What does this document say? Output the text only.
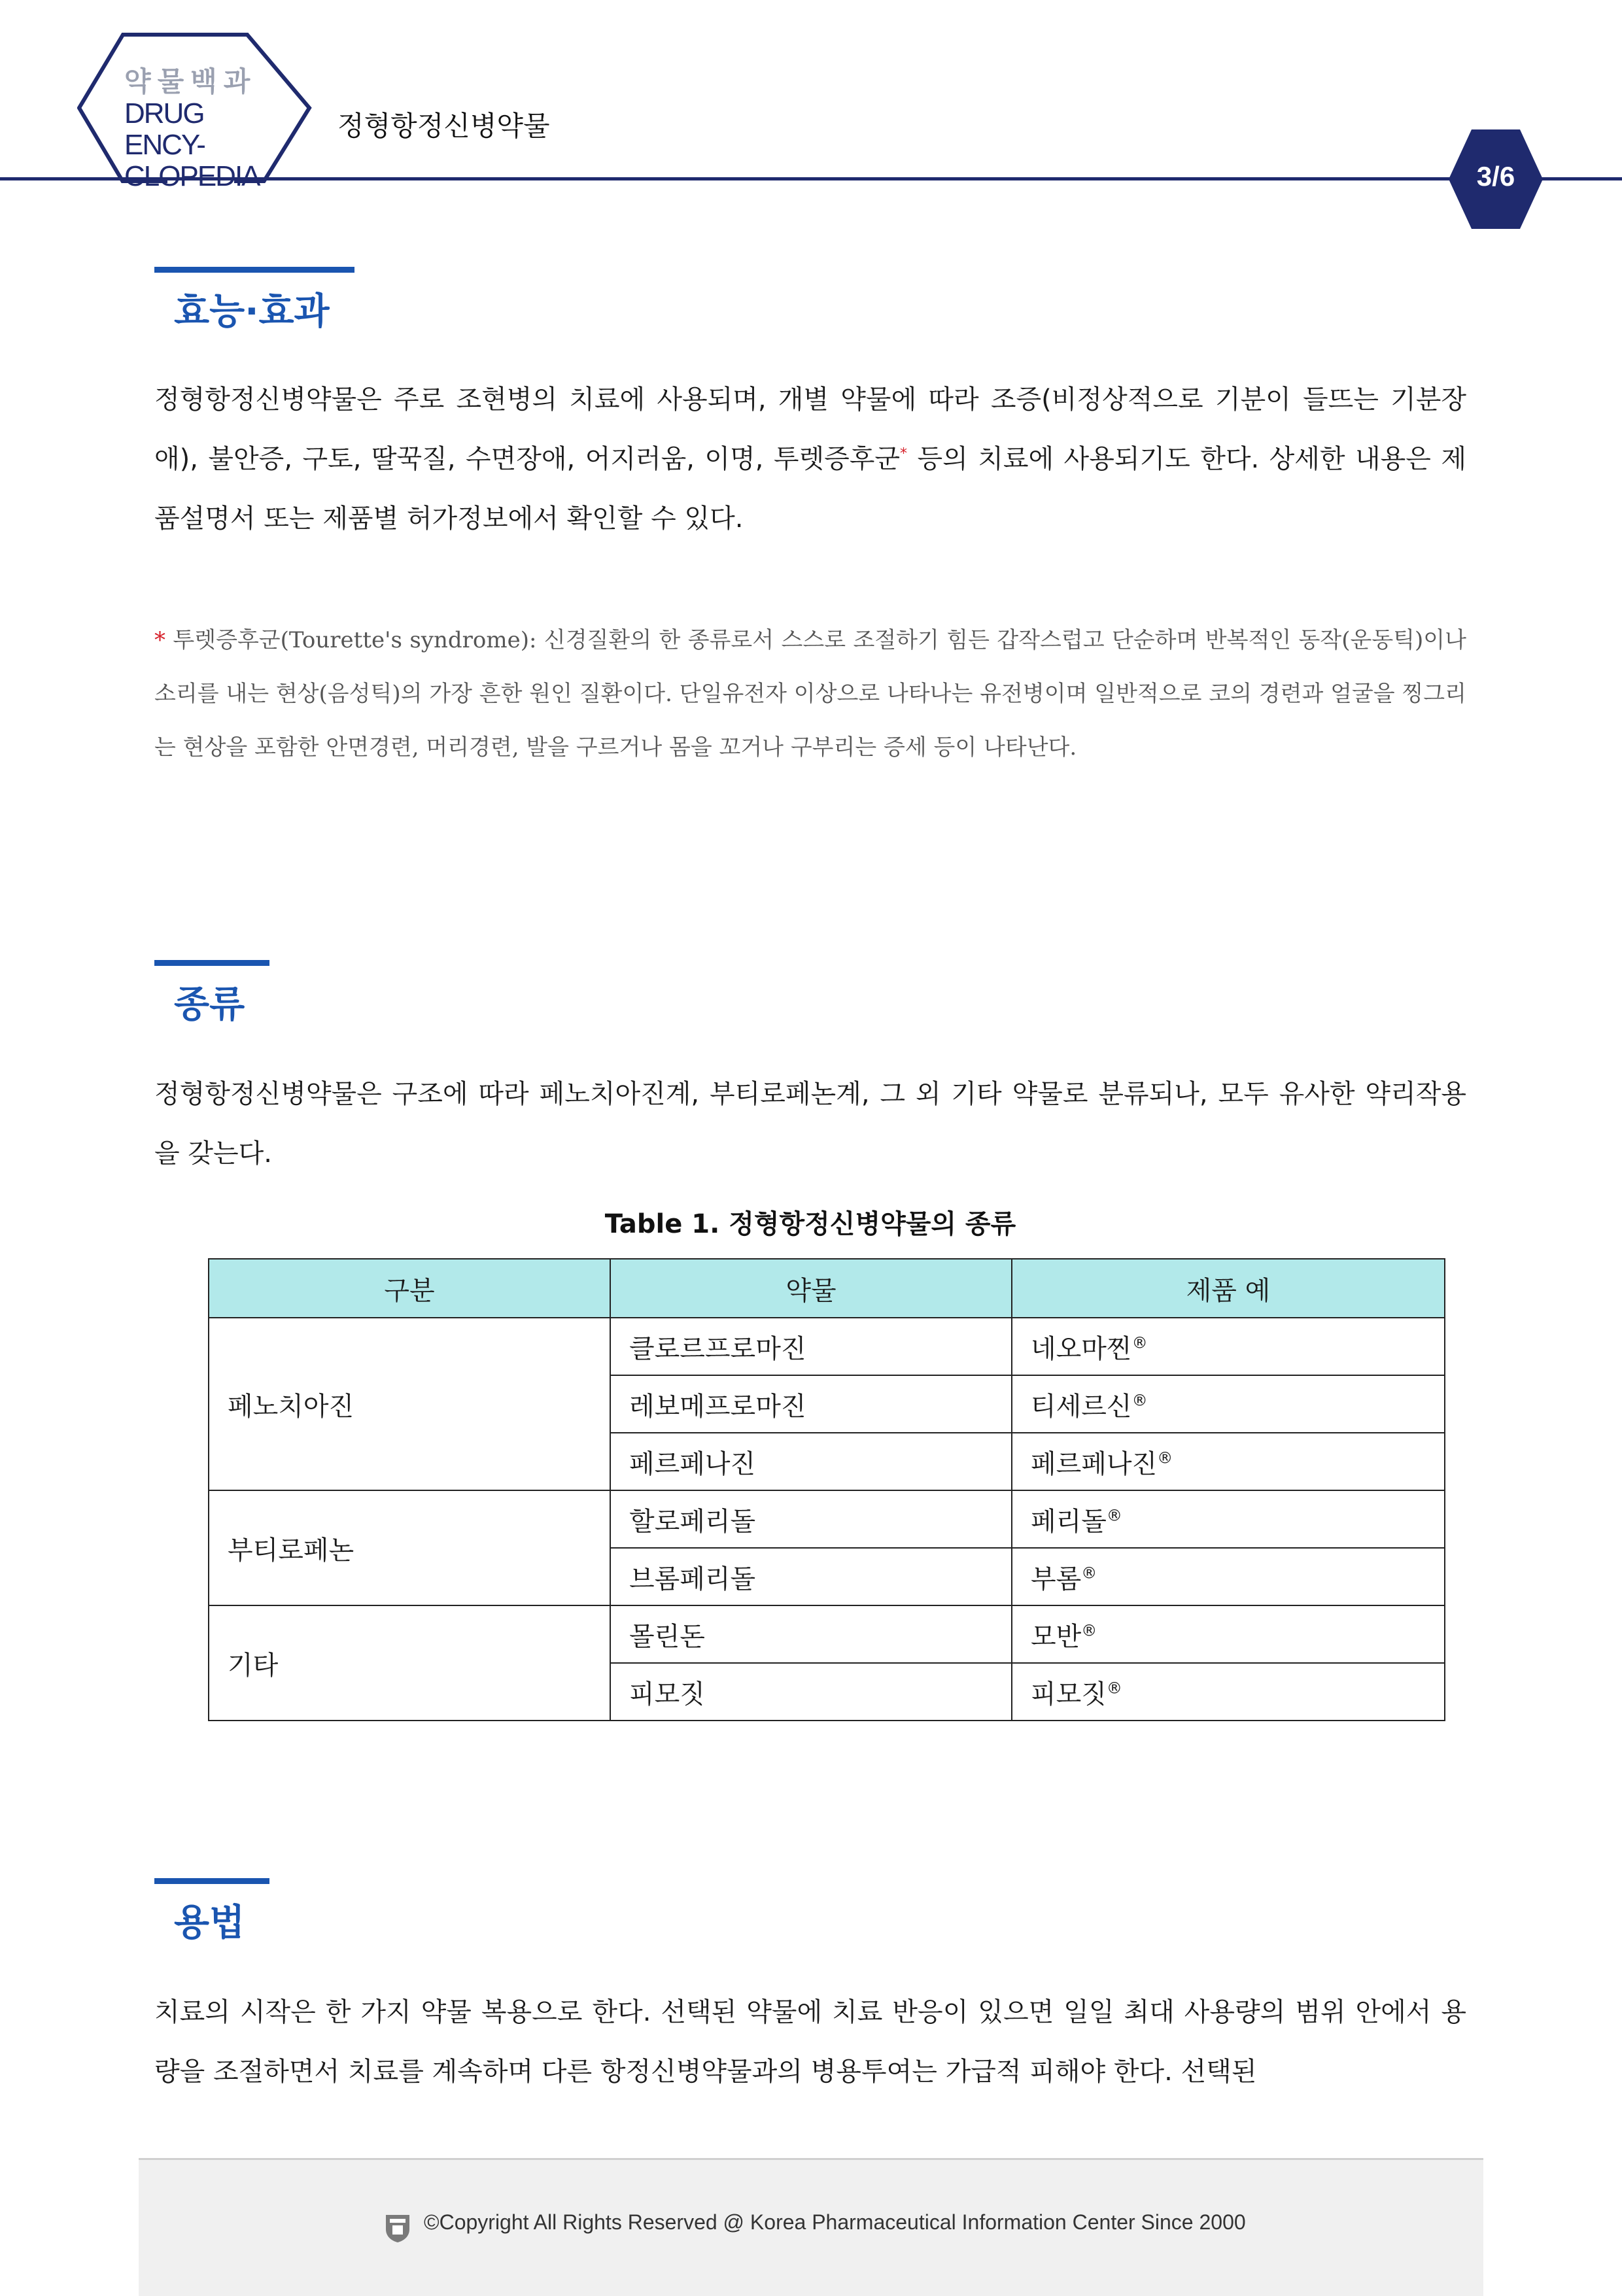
약물백과
DRUG ENCY-
CLOPEDIA
정형항정신병약물
3/6
효능·효과
정형항정신병약물은 주로 조현병의 치료에 사용되며, 개별 약물에 따라 조증(비정상적으로 기분이 들뜨는 기분장애), 불안증, 구토, 딸꾹질, 수면장애, 어지러움, 이명, 투렛증후군* 등의 치료에 사용되기도 한다. 상세한 내용은 제품설명서 또는 제품별 허가정보에서 확인할 수 있다.
* 투렛증후군(Tourette's syndrome): 신경질환의 한 종류로서 스스로 조절하기 힘든 갑작스럽고 단순하며 반복적인 동작(운동틱)이나 소리를 내는 현상(음성틱)의 가장 흔한 원인 질환이다. 단일유전자 이상으로 나타나는 유전병이며 일반적으로 코의 경련과 얼굴을 찡그리는 현상을 포함한 안면경련, 머리경련, 발을 구르거나 몸을 꼬거나 구부리는 증세 등이 나타난다.
종류
정형항정신병약물은 구조에 따라 페노치아진계, 부티로페논계, 그 외 기타 약물로 분류되나, 모두 유사한 약리작용을 갖는다.
Table 1. 정형항정신병약물의 종류
구분	약물	제품 예
페노치아진	클로르프로마진	네오마찐®
	레보메프로마진	티세르신®
	페르페나진	페르페나진®
부티로페논	할로페리돌	페리돌®
	브롬페리돌	부롬®
기타	몰린돈	모반®
	피모짓	피모짓®
용법
치료의 시작은 한 가지 약물 복용으로 한다. 선택된 약물에 치료 반응이 있으면 일일 최대 사용량의 범위 안에서 용량을 조절하면서 치료를 계속하며 다른 항정신병약물과의 병용투여는 가급적 피해야 한다. 선택된
©Copyright All Rights Reserved @ Korea Pharmaceutical Information Center Since 2000
